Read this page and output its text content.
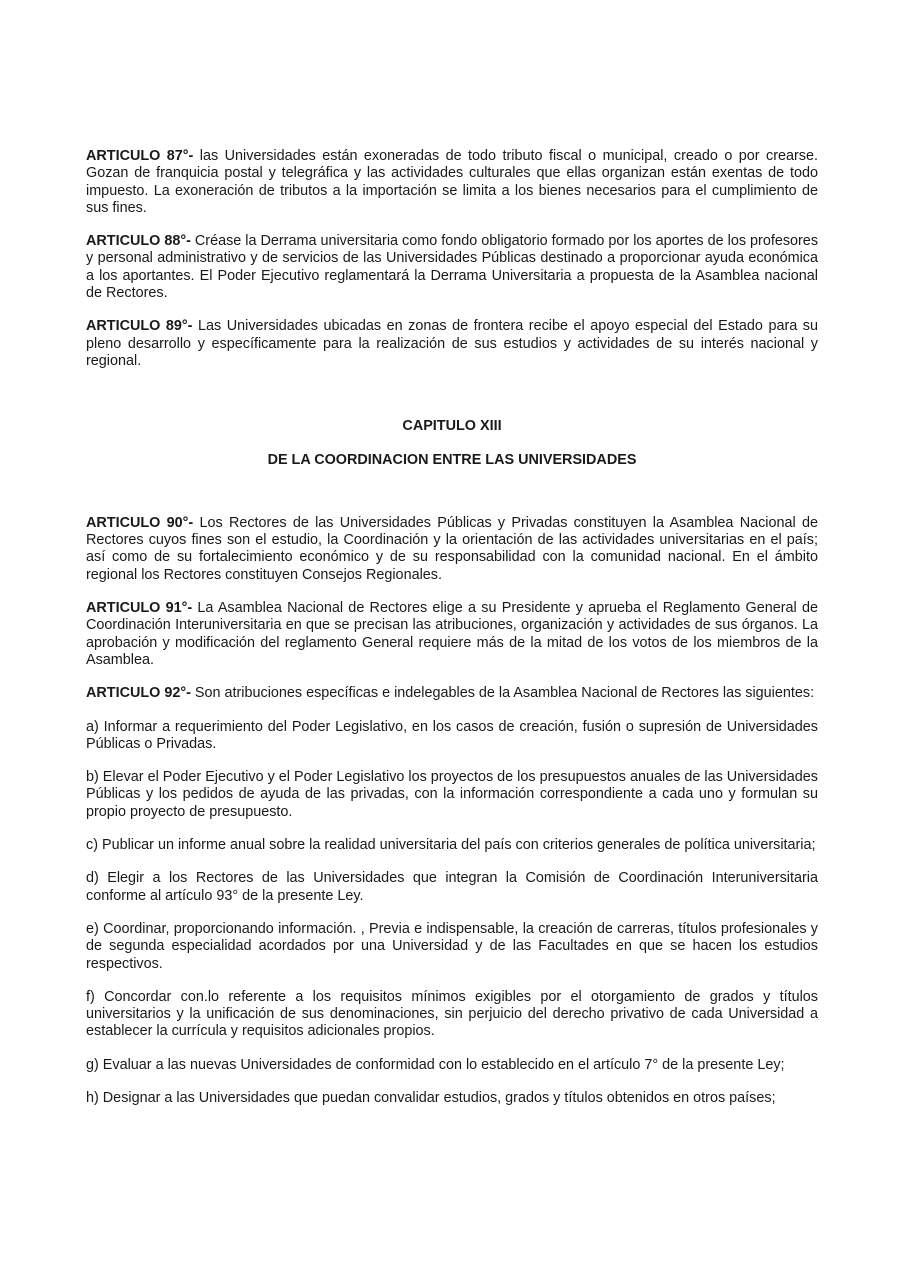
ARTICULO 87°- las Universidades están exoneradas de todo tributo fiscal o municipal, creado o por crearse. Gozan de franquicia postal y telegráfica y las actividades culturales que ellas organizan están exentas de todo impuesto. La exoneración de tributos a la importación se limita a los bienes necesarios para el cumplimiento de sus fines.

ARTICULO 88°- Créase la Derrama universitaria como fondo obligatorio formado por los aportes de los profesores y personal administrativo y de servicios de las Universidades Públicas destinado a proporcionar ayuda económica a los aportantes. El Poder Ejecutivo reglamentará la Derrama Universitaria a propuesta de la Asamblea nacional de Rectores.

ARTICULO 89°- Las Universidades ubicadas en zonas de frontera recibe el apoyo especial del Estado para su pleno desarrollo y específicamente para la realización de sus estudios y actividades de su interés nacional y regional.

CAPITULO XIII

DE LA COORDINACION ENTRE LAS UNIVERSIDADES

ARTICULO 90°- Los Rectores de las Universidades Públicas y Privadas constituyen la Asamblea Nacional de Rectores cuyos fines son el estudio, la Coordinación y la orientación de las actividades universitarias en el país; así como de su fortalecimiento económico y de su responsabilidad con la comunidad nacional. En el ámbito regional los Rectores constituyen Consejos Regionales.

ARTICULO 91°- La Asamblea Nacional de Rectores elige a su Presidente y aprueba el Reglamento General de Coordinación Interuniversitaria en que se precisan las atribuciones, organización y actividades de sus órganos. La aprobación y modificación del reglamento General requiere más de la mitad de los votos de los miembros de la Asamblea.

ARTICULO 92°- Son atribuciones específicas e indelegables de la Asamblea Nacional de Rectores las siguientes:

a) Informar a requerimiento del Poder Legislativo, en los casos de creación, fusión o supresión de Universidades Públicas o Privadas.

b) Elevar el Poder Ejecutivo y el Poder Legislativo los proyectos de los presupuestos anuales de las Universidades Públicas y los pedidos de ayuda de las privadas, con la información correspondiente a cada uno y formulan su propio proyecto de presupuesto.

c) Publicar un informe anual sobre la realidad universitaria del país con criterios generales de política universitaria;

d) Elegir a los Rectores de las Universidades que integran la Comisión de Coordinación Interuniversitaria conforme al artículo 93° de la presente Ley.

e) Coordinar, proporcionando información. , Previa e indispensable, la creación de carreras, títulos profesionales y de segunda especialidad acordados por una Universidad y de las Facultades en que se hacen los estudios respectivos.

f) Concordar con.lo referente a los requisitos mínimos exigibles por el otorgamiento de grados y títulos universitarios y la unificación de sus denominaciones, sin perjuicio del derecho privativo de cada Universidad a establecer la currícula y requisitos adicionales propios.

g) Evaluar a las nuevas Universidades de conformidad con lo establecido en el artículo 7° de la presente Ley;

h) Designar a las Universidades que puedan convalidar estudios, grados y títulos obtenidos en otros países;
